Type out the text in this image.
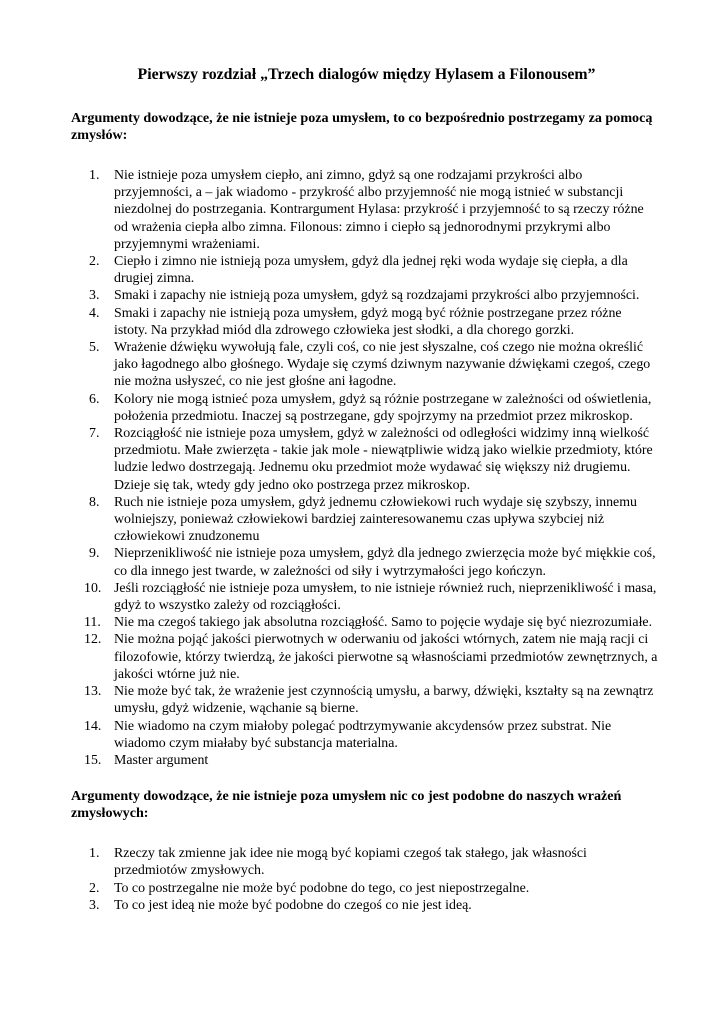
Pierwszy rozdział „Trzech dialogów między Hylasem a Filonousem”

Argumenty dowodzące, że nie istnieje poza umysłem, to co bezpośrednio postrzegamy za pomocą zmysłów:

1.	Nie istnieje poza umysłem ciepło, ani zimno, gdyż są one rodzajami przykrości albo przyjemności, a – jak wiadomo - przykrość albo przyjemność nie mogą istnieć w substancji niezdolnej do postrzegania. Kontrargument Hylasa: przykrość i przyjemność to są rzeczy różne od wrażenia ciepła albo zimna. Filonous: zimno i ciepło są jednorodnymi przykrymi albo przyjemnymi wrażeniami.
2.	Ciepło i zimno nie istnieją poza umysłem, gdyż dla jednej ręki woda wydaje się ciepła, a dla drugiej zimna.
3.	Smaki i zapachy nie istnieją poza umysłem, gdyż są rozdzajami przykrości albo przyjemności.
4.	Smaki i zapachy nie istnieją poza umysłem, gdyż mogą być różnie postrzegane przez różne istoty. Na przykład miód dla zdrowego człowieka jest słodki, a dla chorego gorzki.
5.	Wrażenie dźwięku wywołują fale, czyli coś, co nie jest słyszalne, coś czego nie można określić jako łagodnego albo głośnego. Wydaje się czymś dziwnym nazywanie dźwiękami czegoś, czego nie można usłyszeć, co nie jest głośne ani łagodne.
6.	Kolory nie mogą istnieć poza umysłem, gdyż są różnie postrzegane w zależności od oświetlenia, położenia przedmiotu. Inaczej są postrzegane, gdy spojrzymy na przedmiot przez mikroskop.
7.	Rozciągłość nie istnieje poza umysłem, gdyż w zależności od odległości widzimy inną wielkość przedmiotu. Małe zwierzęta - takie jak mole - niewątpliwie widzą jako wielkie przedmioty, które ludzie ledwo dostrzegają. Jednemu oku przedmiot może wydawać się większy niż drugiemu. Dzieje się tak, wtedy gdy jedno oko postrzega przez mikroskop.
8.	Ruch nie istnieje poza umysłem, gdyż jednemu człowiekowi ruch wydaje się szybszy, innemu wolniejszy, ponieważ człowiekowi bardziej zainteresowanemu czas upływa szybciej niż człowiekowi znudzonemu
9.	Nieprzenikliwość nie istnieje poza umysłem, gdyż dla jednego zwierzęcia może być miękkie coś, co dla innego jest twarde, w zależności od siły i wytrzymałości jego kończyn.
10. Jeśli rozciągłość nie istnieje poza umysłem, to nie istnieje również ruch, nieprzenikliwość i masa, gdyż to wszystko zależy od rozciągłości.
11. Nie ma czegoś takiego jak absolutna rozciągłość. Samo to pojęcie wydaje się być niezrozumiałe.
12. Nie można pojąć jakości pierwotnych w oderwaniu od jakości wtórnych, zatem nie mają racji ci filozofowie, którzy twierdzą, że jakości pierwotne są własnościami przedmiotów zewnętrznych, a jakości wtórne już nie.
13. Nie może być tak, że wrażenie jest czynnością umysłu, a barwy, dźwięki, kształty są na zewnątrz umysłu, gdyż widzenie, wąchanie są bierne.
14. Nie wiadomo na czym miałoby polegać podtrzymywanie akcydensów przez substrat. Nie wiadomo czym miałaby być substancja materialna.
15. Master argument

Argumenty dowodzące, że nie istnieje poza umysłem nic co jest podobne do naszych wrażeń zmysłowych:

1.	Rzeczy tak zmienne jak idee nie mogą być kopiami czegoś tak stałego, jak własności przedmiotów zmysłowych.
2.	To co postrzegalne nie może być podobne do tego, co jest niepostrzegalne.
3.	To co jest ideą nie może być podobne do czegoś co nie jest ideą.
